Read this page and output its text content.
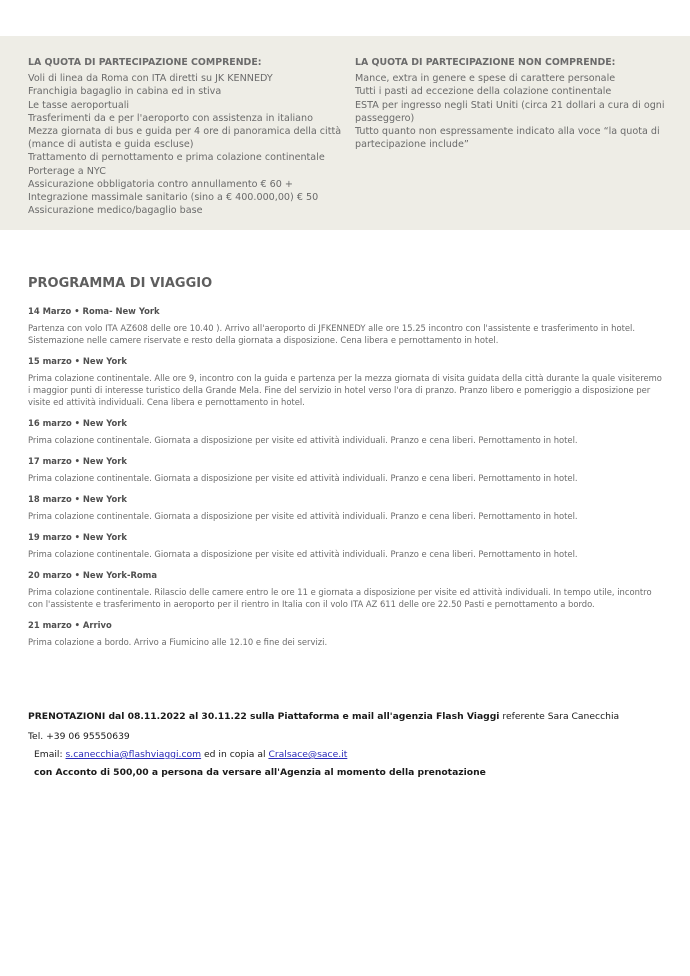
LA QUOTA DI PARTECIPAZIONE COMPRENDE:
Voli di linea da Roma con ITA diretti su JK KENNEDY
Franchigia bagaglio in cabina ed in stiva
Le tasse aeroportuali
Trasferimenti da e per l'aeroporto con assistenza in italiano
Mezza giornata di bus e guida per 4 ore di panoramica della città
(mance di autista e guida escluse)
Trattamento di pernottamento e prima colazione continentale
Porterage a NYC
Assicurazione obbligatoria contro annullamento € 60 +
Integrazione massimale sanitario (sino a € 400.000,00) € 50
Assicurazione medico/bagaglio base
LA QUOTA DI PARTECIPAZIONE NON COMPRENDE:
Mance, extra in genere e spese di carattere personale
Tutti i pasti ad eccezione della colazione continentale
ESTA per ingresso negli Stati Uniti (circa 21 dollari a cura di ogni passeggero)
Tutto quanto non espressamente indicato alla voce “la quota di partecipazione include”
PROGRAMMA DI VIAGGIO
14 Marzo • Roma- New York
Partenza con volo ITA AZ608 delle ore 10.40 ). Arrivo all'aeroporto di JFKENNEDY alle ore 15.25 incontro con l'assistente e trasferimento in hotel. Sistemazione nelle camere riservate e resto della giornata a disposizione. Cena libera e pernottamento in hotel.
15 marzo • New York
Prima colazione continentale. Alle ore 9, incontro con la guida e partenza per la mezza giornata di visita guidata della città durante la quale visiteremo i maggior punti di interesse turistico della Grande Mela. Fine del servizio in hotel verso l'ora di pranzo. Pranzo libero e pomeriggio a disposizione per visite ed attività individuali. Cena libera e pernottamento in hotel.
16 marzo • New York
Prima colazione continentale. Giornata a disposizione per visite ed attività individuali. Pranzo e cena liberi. Pernottamento in hotel.
17 marzo • New York
Prima colazione continentale. Giornata a disposizione per visite ed attività individuali. Pranzo e cena liberi. Pernottamento in hotel.
18 marzo • New York
Prima colazione continentale. Giornata a disposizione per visite ed attività individuali. Pranzo e cena liberi. Pernottamento in hotel.
19 marzo • New York
Prima colazione continentale. Giornata a disposizione per visite ed attività individuali. Pranzo e cena liberi. Pernottamento in hotel.
20 marzo • New York-Roma
Prima colazione continentale. Rilascio delle camere entro le ore 11 e giornata a disposizione per visite ed attività individuali. In tempo utile, incontro con l'assistente e trasferimento in aeroporto per il rientro in Italia con il volo ITA AZ 611 delle ore 22.50 Pasti e pernottamento a bordo.
21 marzo • Arrivo
Prima colazione a bordo. Arrivo a Fiumicino alle 12.10 e fine dei servizi.

PRENOTAZIONI dal 08.11.2022 al 30.11.22 sulla Piattaforma e mail all'agenzia Flash Viaggi referente Sara Canecchia

Tel. +39 06 95550639

Email: s.canecchia@flashviaggi.com ed in copia al Cralsace@sace.it

con Acconto di 500,00 a persona da versare all'Agenzia al momento della prenotazione
